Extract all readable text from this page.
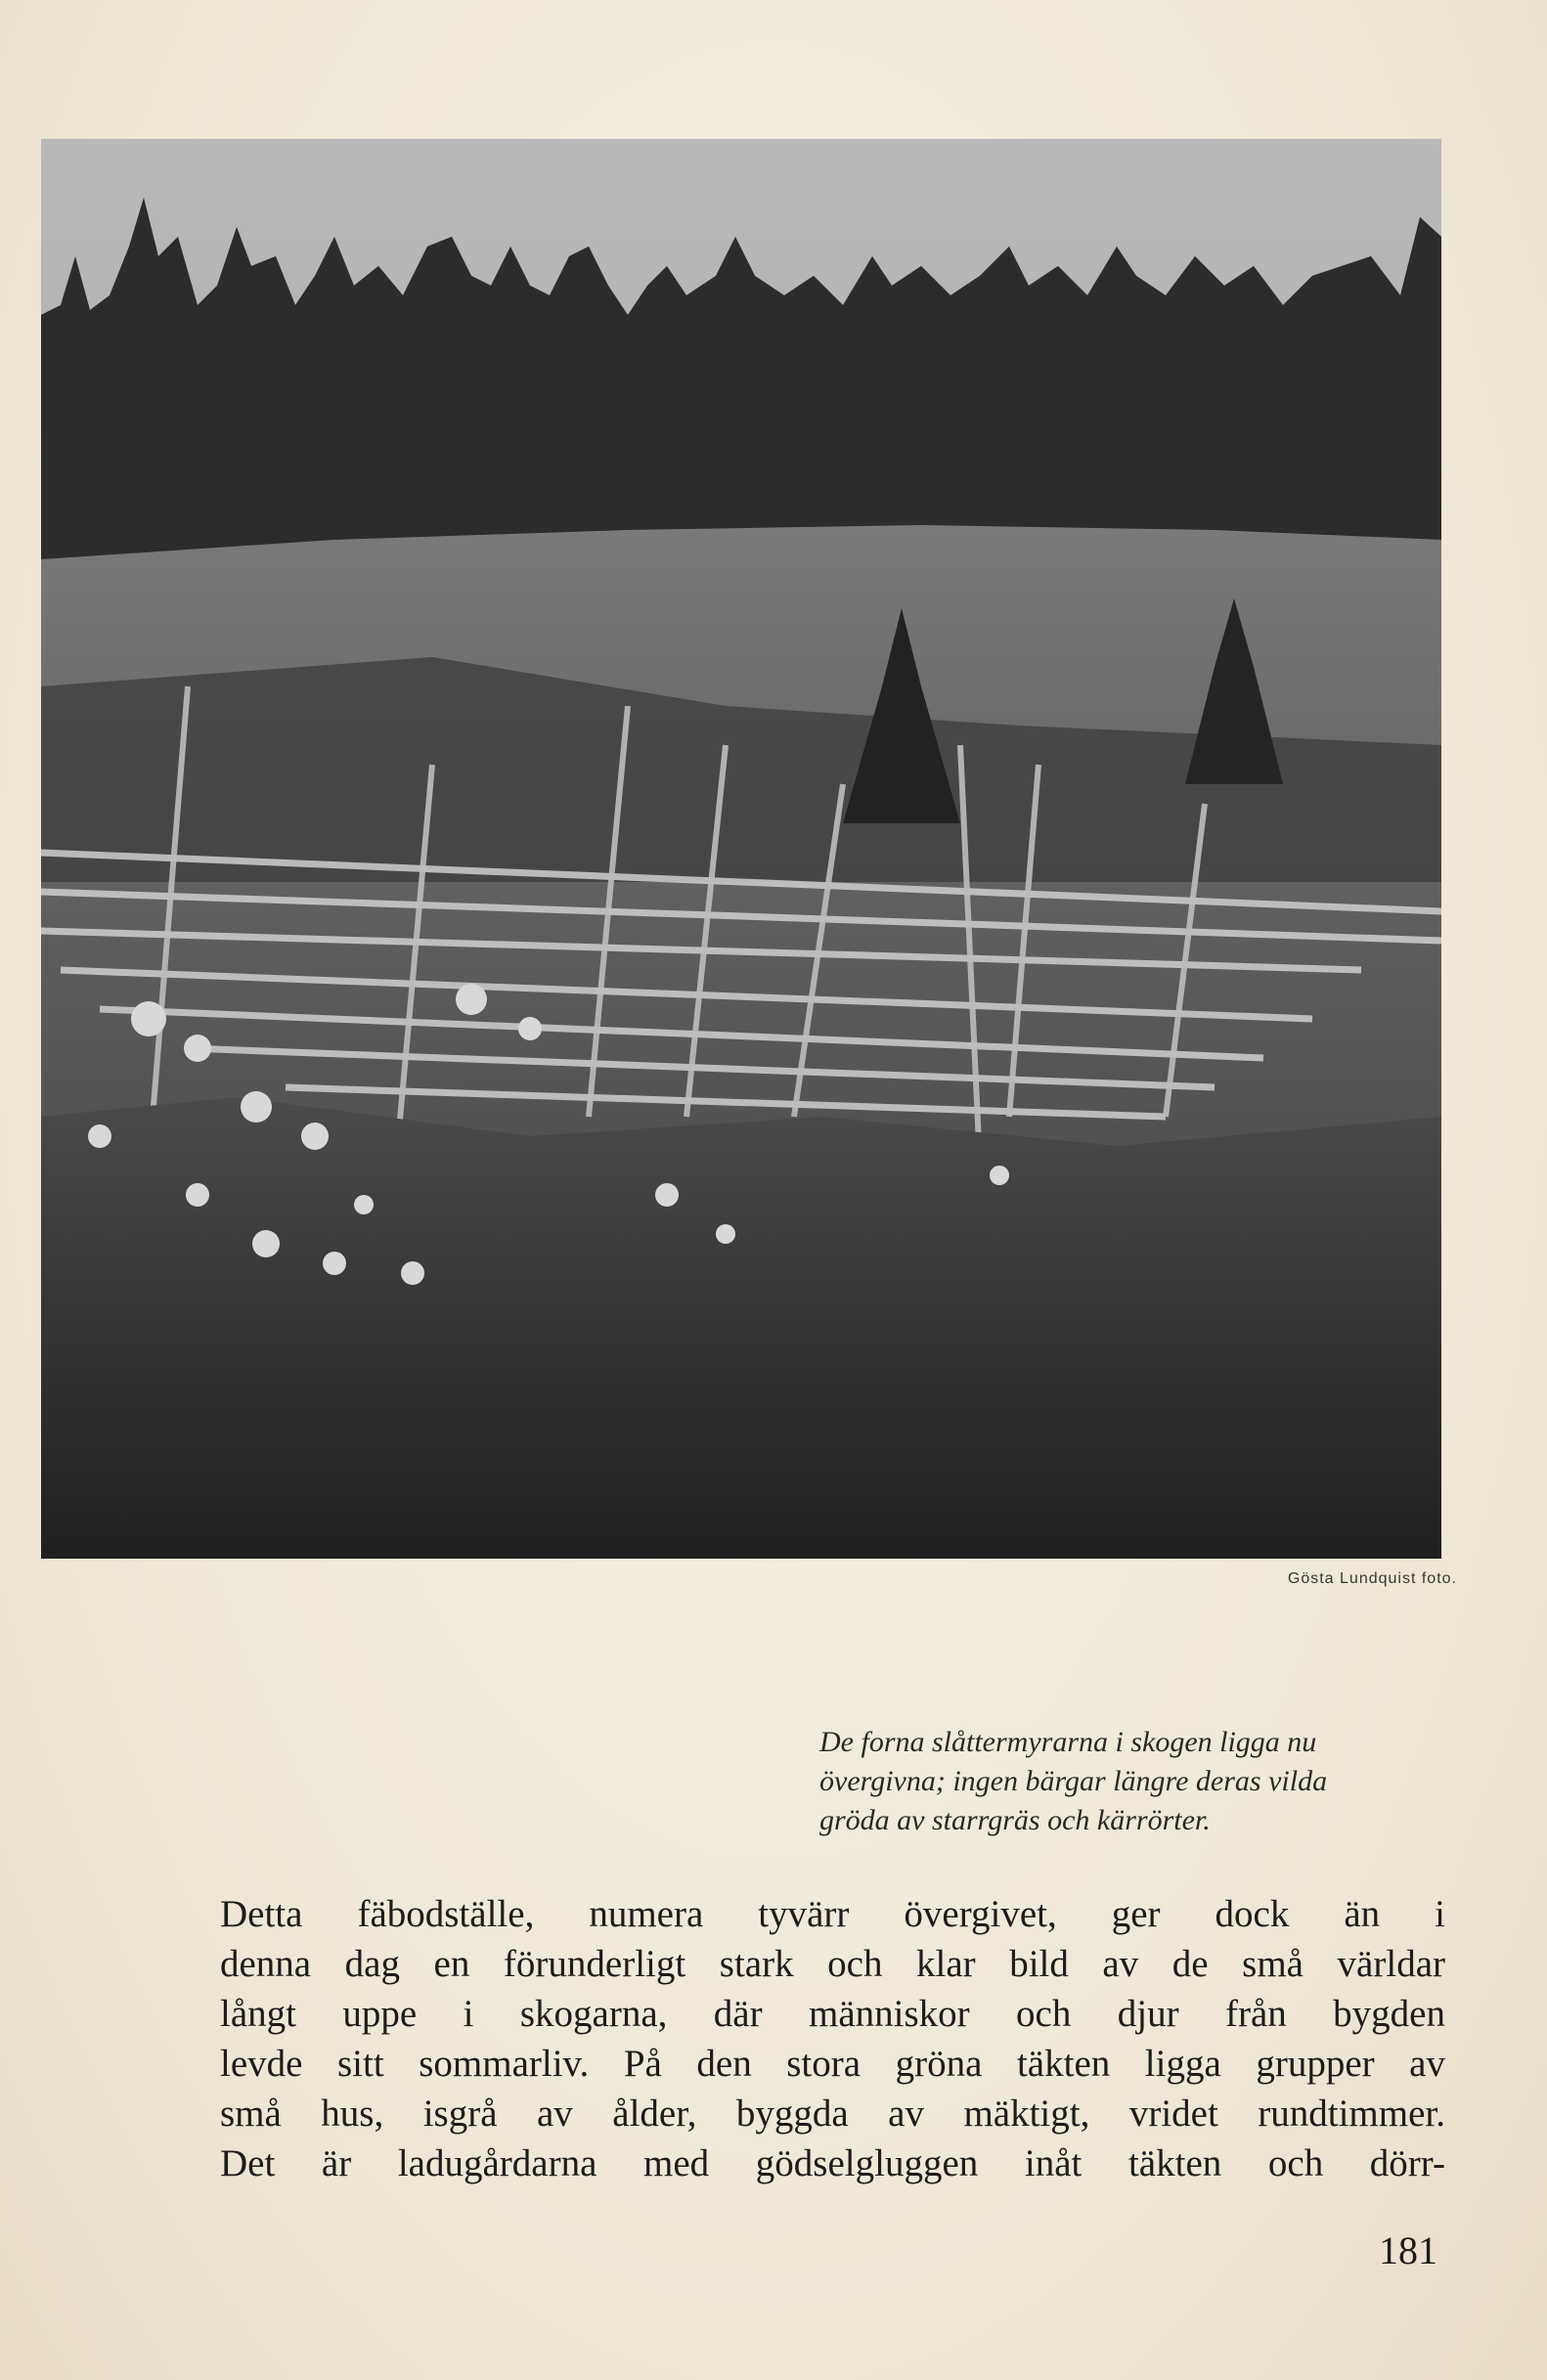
Gösta Lundquist foto.
De forna slåttermyrarna i skogen ligga nu
övergivna; ingen bärgar längre deras vilda
gröda av starrgräs och kärrörter.
Detta fäbodställe, numera tyvärr övergivet, ger dock än i
denna dag en förunderligt stark och klar bild av de små världar
långt uppe i skogarna, där människor och djur från bygden
levde sitt sommarliv. På den stora gröna täkten ligga grupper av
små hus, isgrå av ålder, byggda av mäktigt, vridet rundtimmer.
Det är ladugårdarna med gödselgluggen inåt täkten och dörr-
181
